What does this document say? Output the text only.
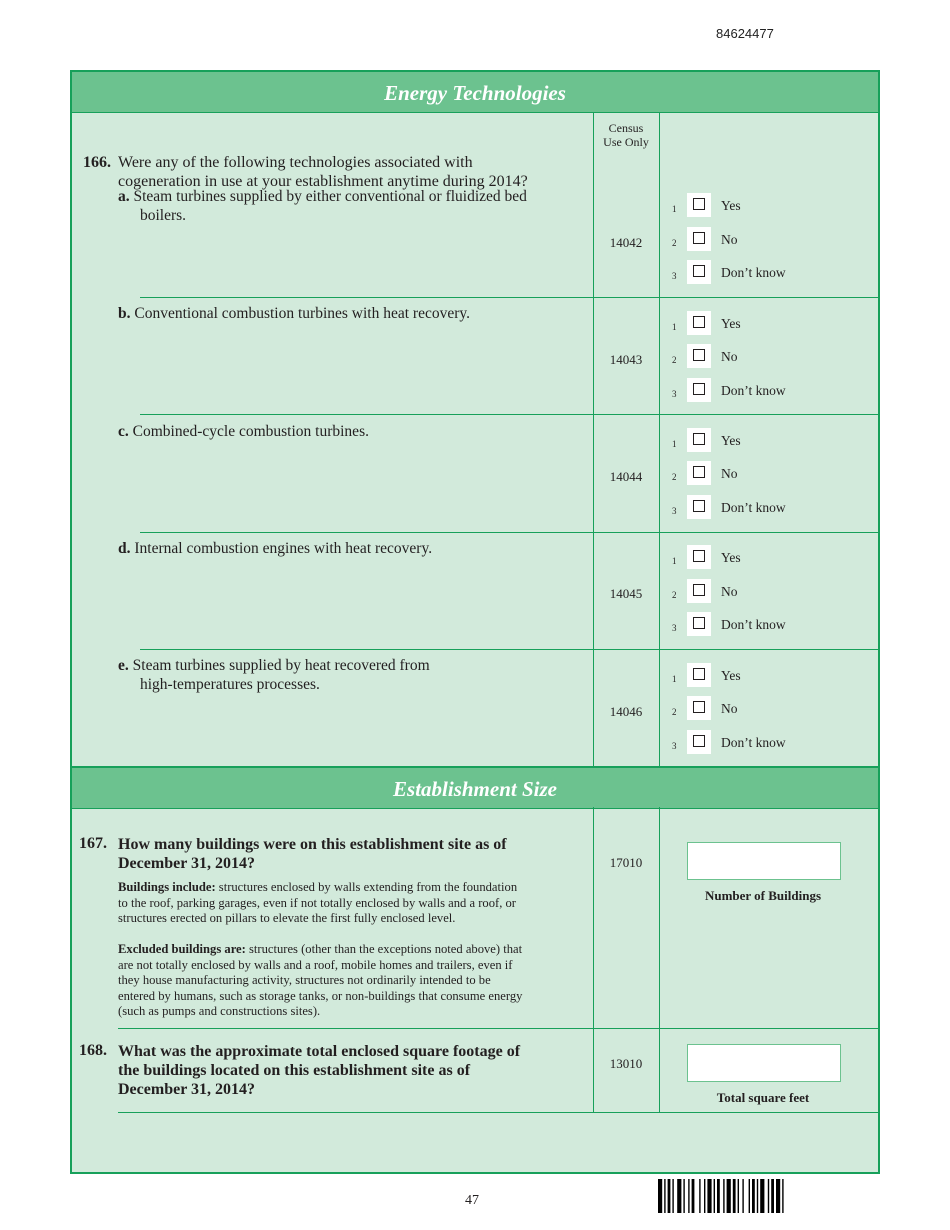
84624477
Energy Technologies
Census
Use Only
166. Were any of the following technologies associated with
cogeneration in use at your establishment anytime during 2014?
a. Steam turbines supplied by either conventional or fluidized bed
boilers.
14042
1	Yes
2	No
3	Don’t know
b. Conventional combustion turbines with heat recovery.
14043
1	Yes
2	No
3	Don’t know
c. Combined-cycle combustion turbines.
14044
1	Yes
2	No
3	Don’t know
d. Internal combustion engines with heat recovery.
14045
1	Yes
2	No
3	Don’t know
e. Steam turbines supplied by heat recovered from
high-temperatures processes.
14046
1	Yes
2	No
3	Don’t know
Establishment Size
167. How many buildings were on this establishment site as of
December 31, 2014?
Buildings include: structures enclosed by walls extending from the foundation
to the roof, parking garages, even if not totally enclosed by walls and a roof, or
structures erected on pillars to elevate the first fully enclosed level.
Excluded buildings are: structures (other than the exceptions noted above) that
are not totally enclosed by walls and a roof, mobile homes and trailers, even if
they house manufacturing activity, structures not ordinarily intended to be
entered by humans, such as storage tanks, or non-buildings that consume energy
(such as pumps and constructions sites).
17010
Number of Buildings
168. What was the approximate total enclosed square footage of
the buildings located on this establishment site as of
December 31, 2014?
13010
Total square feet
47
